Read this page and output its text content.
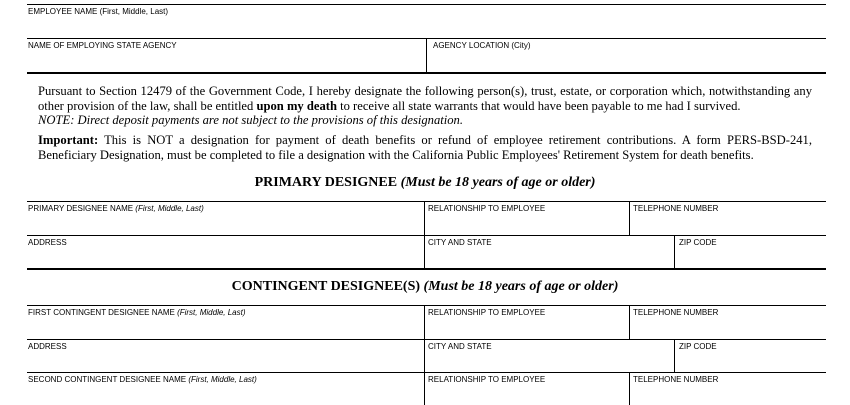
EMPLOYEE NAME (First, Middle, Last)
NAME OF EMPLOYING STATE AGENCY	AGENCY LOCATION (City)
Pursuant to Section 12479 of the Government Code, I hereby designate the following person(s), trust, estate, or corporation which, notwithstanding any other provision of the law, shall be entitled upon my death to receive all state warrants that would have been payable to me had I survived.
NOTE: Direct deposit payments are not subject to the provisions of this designation.
Important: This is NOT a designation for payment of death benefits or refund of employee retirement contributions. A form PERS-BSD-241, Beneficiary Designation, must be completed to file a designation with the California Public Employees' Retirement System for death benefits.
PRIMARY DESIGNEE (Must be 18 years of age or older)
PRIMARY DESIGNEE NAME (First, Middle, Last)	RELATIONSHIP TO EMPLOYEE	TELEPHONE NUMBER
ADDRESS	CITY AND STATE	ZIP CODE
CONTINGENT DESIGNEE(S) (Must be 18 years of age or older)
FIRST CONTINGENT DESIGNEE NAME (First, Middle, Last)	RELATIONSHIP TO EMPLOYEE	TELEPHONE NUMBER
ADDRESS	CITY AND STATE	ZIP CODE
SECOND CONTINGENT DESIGNEE NAME (First, Middle, Last)	RELATIONSHIP TO EMPLOYEE	TELEPHONE NUMBER
